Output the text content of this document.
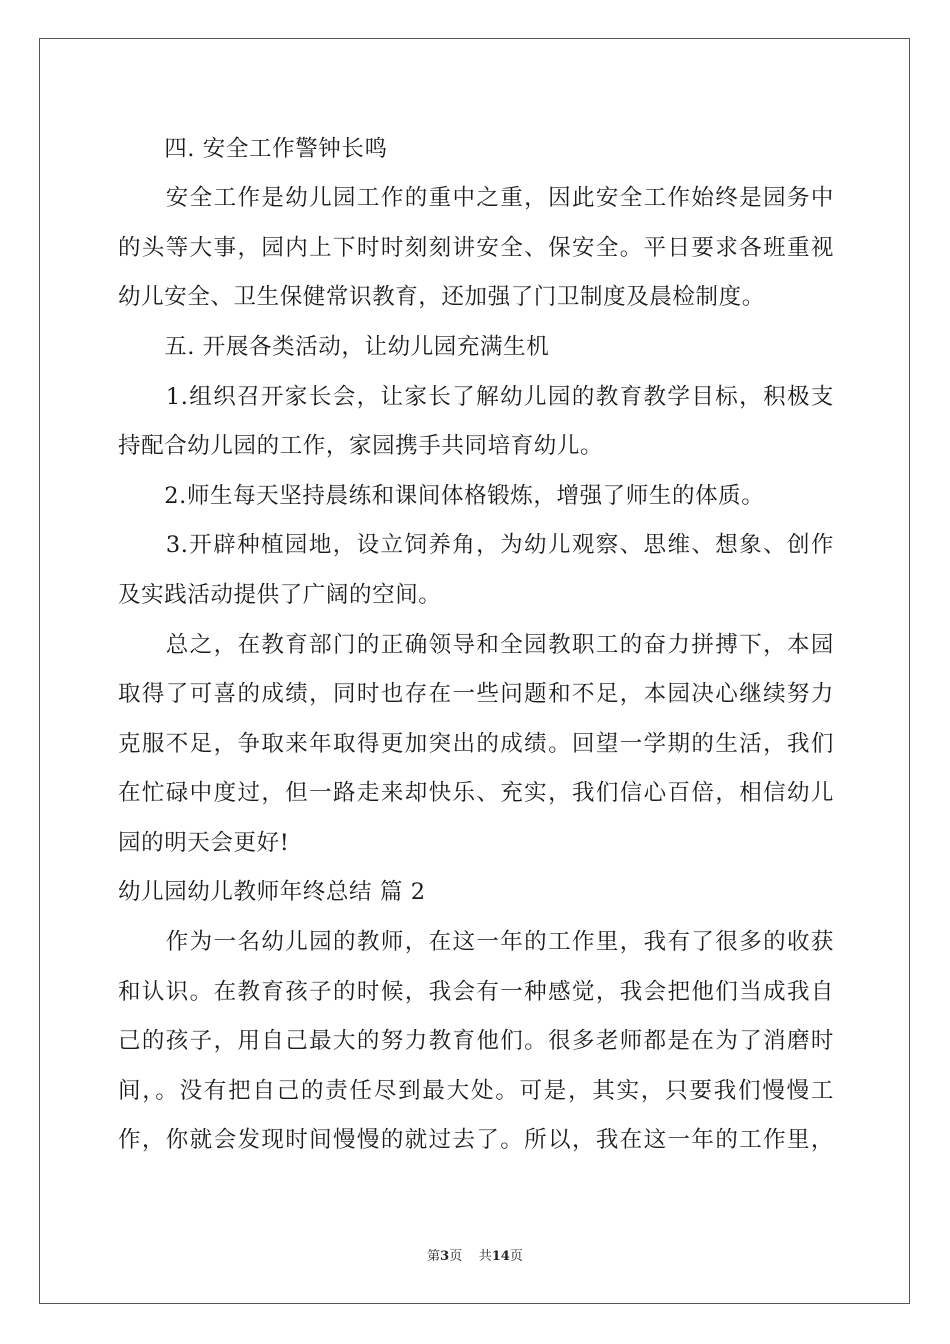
　　四. 安全工作警钟长鸣
　　安全工作是幼儿园工作的重中之重，因此安全工作始终是园务中
的头等大事，园内上下时时刻刻讲安全、保安全。平日要求各班重视
幼儿安全、卫生保健常识教育，还加强了门卫制度及晨检制度。
　　五. 开展各类活动，让幼儿园充满生机
　　1.组织召开家长会，让家长了解幼儿园的教育教学目标，积极支
持配合幼儿园的工作，家园携手共同培育幼儿。
　　2.师生每天坚持晨练和课间体格锻炼，增强了师生的体质。
　　3.开辟种植园地，设立饲养角，为幼儿观察、思维、想象、创作
及实践活动提供了广阔的空间。
　　总之，在教育部门的正确领导和全园教职工的奋力拼搏下，本园
取得了可喜的成绩，同时也存在一些问题和不足，本园决心继续努力
克服不足，争取来年取得更加突出的成绩。回望一学期的生活，我们
在忙碌中度过，但一路走来却快乐、充实，我们信心百倍，相信幼儿
园的明天会更好!
幼儿园幼儿教师年终总结 篇 2
　　作为一名幼儿园的教师，在这一年的工作里，我有了很多的收获
和认识。在教育孩子的时候，我会有一种感觉，我会把他们当成我自
己的孩子，用自己最大的努力教育他们。很多老师都是在为了消磨时
间，。没有把自己的责任尽到最大处。可是，其实，只要我们慢慢工
作，你就会发现时间慢慢的就过去了。所以，我在这一年的工作里，
第3页    共14页
